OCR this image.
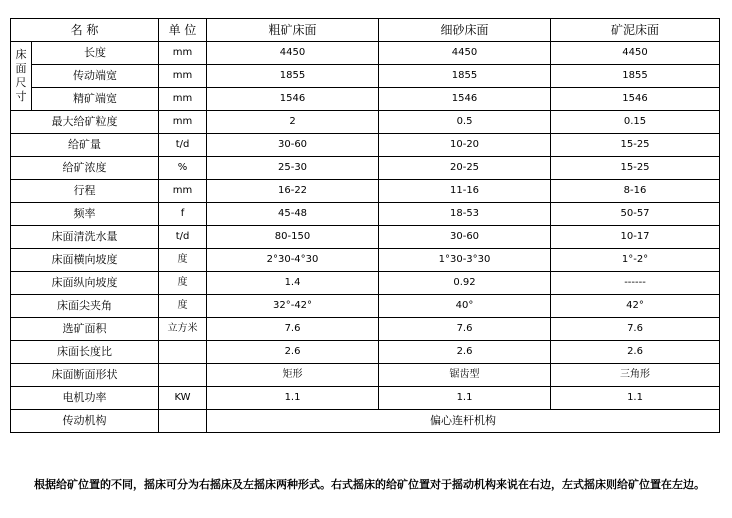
名 称		单 位	粗矿床面	细砂床面	矿泥床面

床
面
尺
寸	长度	mm	4450	4450	4450
	传动端宽	mm	1855	1855	1855
	精矿端宽	mm	1546	1546	1546
最大给矿粒度		mm	2	0.5	0.15
给矿量		t/d	30-60	10-20	15-25
给矿浓度		%	25-30	20-25	15-25
行程		mm	16-22	11-16	8-16
频率		f	45-48	18-53	50-57
床面清洗水量		t/d	80-150	30-60	10-17
床面横向坡度		度	2°30-4°30	1°30-3°30	1°-2°
床面纵向坡度		度	1.4	0.92	------
床面尖夹角		度	32°-42°	40°	42°
选矿面积		立方米	7.6	7.6	7.6
床面长度比			2.6	2.6	2.6
床面断面形状			矩形	锯齿型	三角形
电机功率		KW	1.1	1.1	1.1
传动机构			偏心连杆机构		

根据给矿位置的不同，摇床可分为右摇床及左摇床两种形式。右式摇床的给矿位置对于摇动机构来说在右边，左式摇床则给矿位置在左边。
